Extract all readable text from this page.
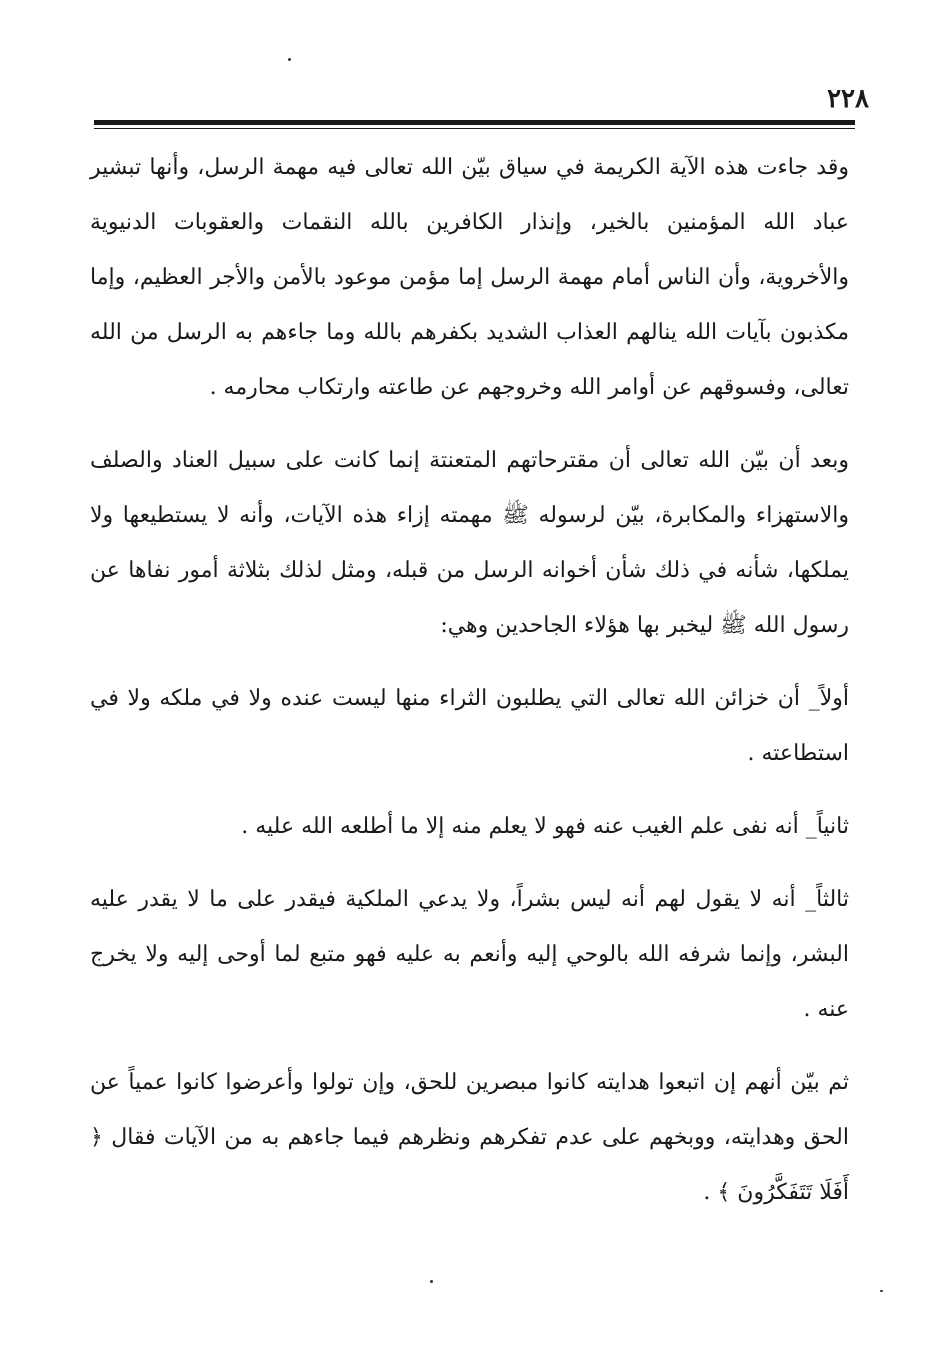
٢٢٨

وقد جاءت هذه الآية الكريمة في سياق بيّن الله تعالى فيه مهمة الرسل، وأنها تبشير عباد الله المؤمنين بالخير، وإنذار الكافرين بالله النقمات والعقوبات الدنيوية والأخروية، وأن الناس أمام مهمة الرسل إما مؤمن موعود بالأمن والأجر العظيم، وإما مكذبون بآيات الله ينالهم العذاب الشديد بكفرهم بالله وما جاءهم به الرسل من الله تعالى، وفسوقهم عن أوامر الله وخروجهم عن طاعته وارتكاب محارمه .

وبعد أن بيّن الله تعالى أن مقترحاتهم المتعنتة إنما كانت على سبيل العناد والصلف والاستهزاء والمكابرة، بيّن لرسوله ﷺ مهمته إزاء هذه الآيات، وأنه لا يستطيعها ولا يملكها، شأنه في ذلك شأن أخوانه الرسل من قبله، ومثل لذلك بثلاثة أمور نفاها عن رسول الله ﷺ ليخبر بها هؤلاء الجاحدين وهي:

أولاً_ أن خزائن الله تعالى التي يطلبون الثراء منها ليست عنده ولا في ملكه ولا في استطاعته .

ثانياً_ أنه نفى علم الغيب عنه فهو لا يعلم منه إلا ما أطلعه الله عليه .

ثالثاً_ أنه لا يقول لهم أنه ليس بشراً، ولا يدعي الملكية فيقدر على ما لا يقدر عليه البشر، وإنما شرفه الله بالوحي إليه وأنعم به عليه فهو متبع لما أوحى إليه ولا يخرج عنه .

ثم بيّن أنهم إن اتبعوا هدايته كانوا مبصرين للحق، وإن تولوا وأعرضوا كانوا عمياً عن الحق وهدايته، ووبخهم على عدم تفكرهم ونظرهم فيما جاءهم به من الآيات فقال ﴿ أَفَلَا تَتَفَكَّرُونَ ﴾ .
